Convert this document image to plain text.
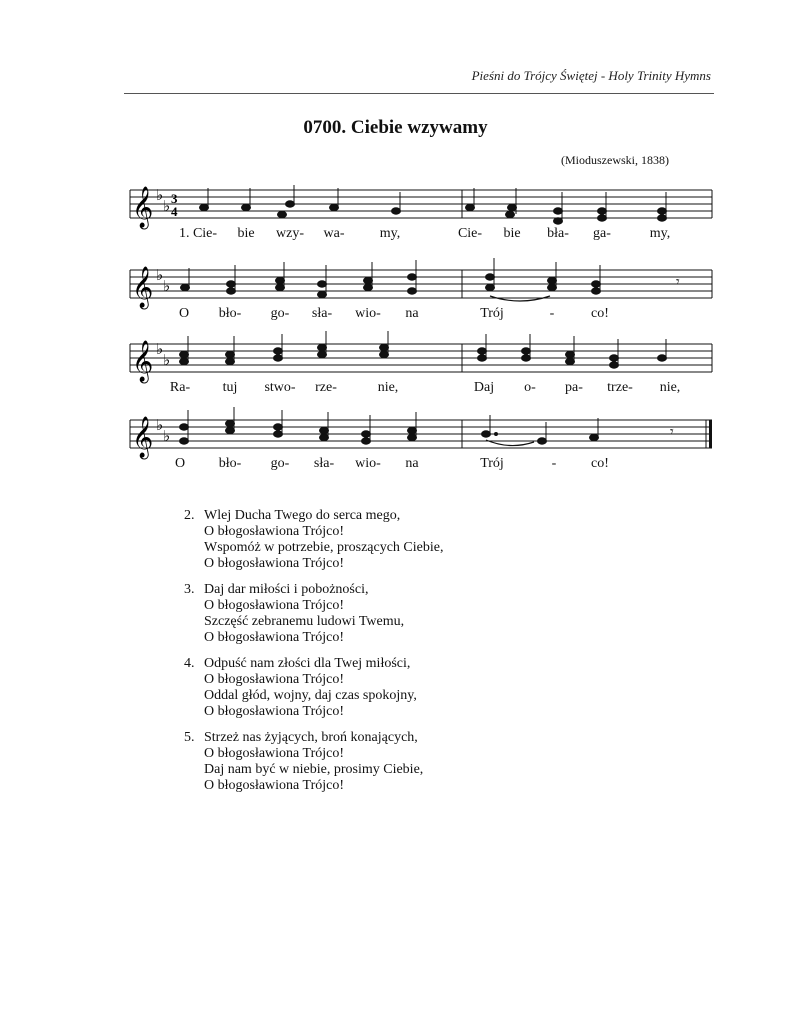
Pieśni do Trójcy Świętej - Holy Trinity Hymns
0700. Ciebie wzywamy
(Mioduszewski, 1838)
𝄞 ♭
♭ 3
4
1. Cie- bie wzy- wa-	my,	Cie- bie bła- ga-	my,
𝄞 ♭
♭	𝄾
O bło- go- sła- wio- na	Trój	-	co!
𝄞 ♭
♭
Ra- tuj stwo- rze-	nie,	Daj o- pa- trze- nie,
𝄞 ♭
♭	𝄾
O bło- go- sła- wio- na	Trój	- co!
2. Wlej Ducha Twego do serca mego,
O błogosławiona Trójco!
Wspomóż w potrzebie, proszących Ciebie,
O błogosławiona Trójco!
3. Daj dar miłości i pobożności,
O błogosławiona Trójco!
Szczęść zebranemu ludowi Twemu,
O błogosławiona Trójco!
4. Odpuść nam złości dla Twej miłości,
O błogosławiona Trójco!
Oddal głód, wojny, daj czas spokojny,
O błogosławiona Trójco!
5. Strzeż nas żyjących, broń konających,
O błogosławiona Trójco!
Daj nam być w niebie, prosimy Ciebie,
O błogosławiona Trójco!
